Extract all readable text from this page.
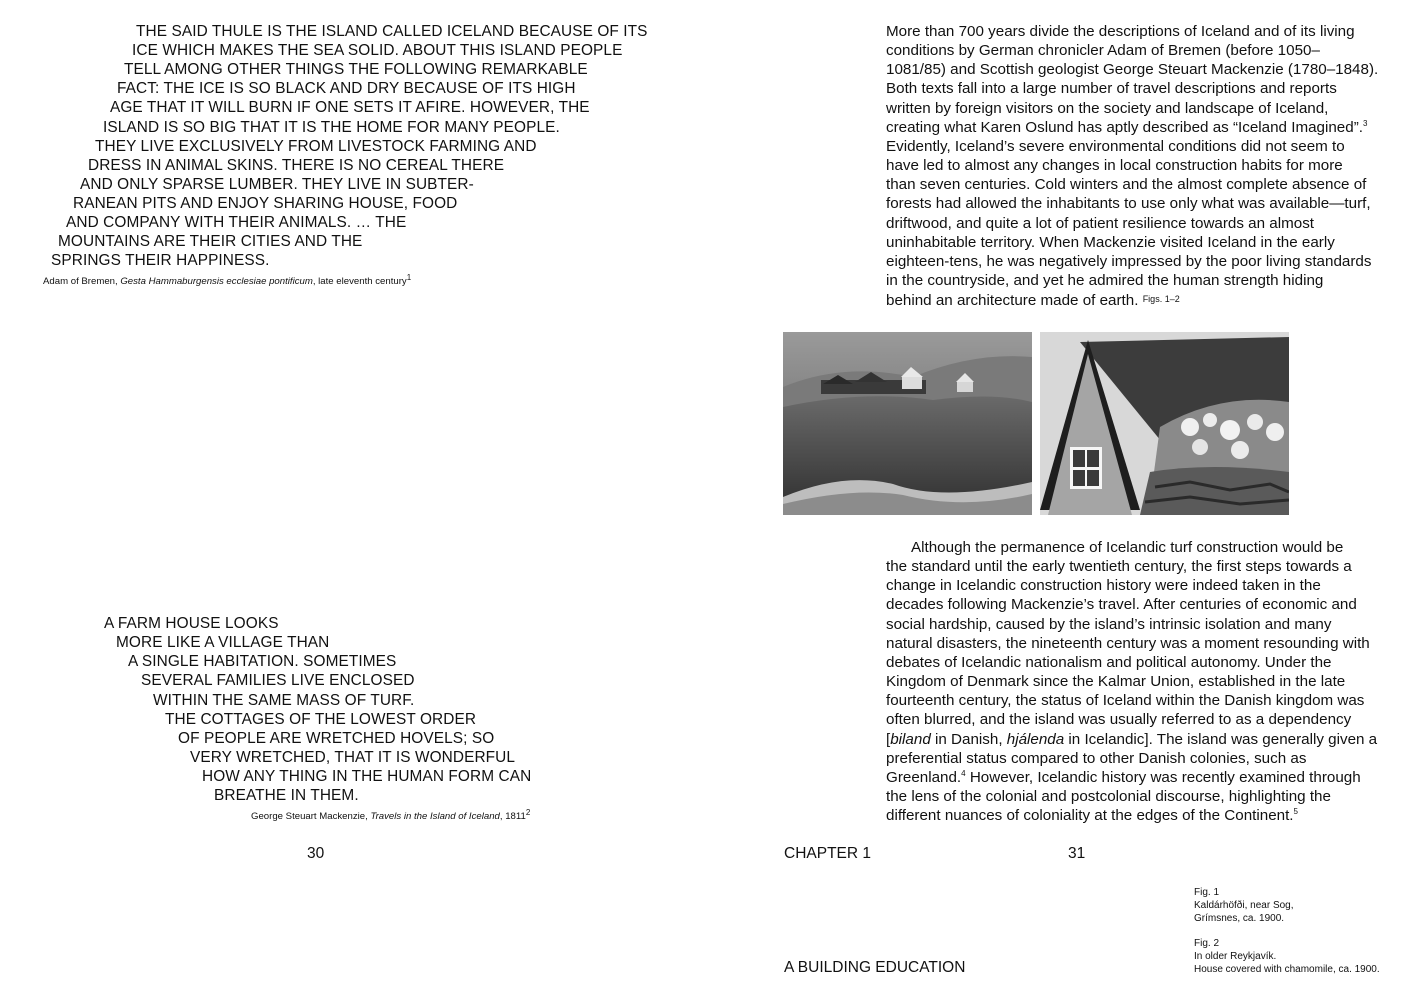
THE SAID THULE IS THE ISLAND CALLED ICELAND BECAUSE OF ITS
ICE WHICH MAKES THE SEA SOLID. ABOUT THIS ISLAND PEOPLE
TELL AMONG OTHER THINGS THE FOLLOWING REMARKABLE
FACT: THE ICE IS SO BLACK AND DRY BECAUSE OF ITS HIGH
AGE THAT IT WILL BURN IF ONE SETS IT AFIRE. HOWEVER, THE
ISLAND IS SO BIG THAT IT IS THE HOME FOR MANY PEOPLE.
THEY LIVE EXCLUSIVELY FROM LIVESTOCK FARMING AND
DRESS IN ANIMAL SKINS. THERE IS NO CEREAL THERE
AND ONLY SPARSE LUMBER. THEY LIVE IN SUBTER-
RANEAN PITS AND ENJOY SHARING HOUSE, FOOD
AND COMPANY WITH THEIR ANIMALS. … THE
MOUNTAINS ARE THEIR CITIES AND THE
SPRINGS THEIR HAPPINESS.
Adam of Bremen, Gesta Hammaburgensis ecclesiae pontificum, late eleventh century$^1$
A FARM HOUSE LOOKS
MORE LIKE A VILLAGE THAN
A SINGLE HABITATION. SOMETIMES
SEVERAL FAMILIES LIVE ENCLOSED
WITHIN THE SAME MASS OF TURF.
THE COTTAGES OF THE LOWEST ORDER
OF PEOPLE ARE WRETCHED HOVELS; SO
VERY WRETCHED, THAT IT IS WONDERFUL
HOW ANY THING IN THE HUMAN FORM CAN
BREATHE IN THEM.
George Steuart Mackenzie, Travels in the Island of Iceland, 1811$^2$
30
More than 700 years divide the descriptions of Iceland and of its living
conditions by German chronicler Adam of Bremen (before 1050–
1081/85) and Scottish geologist George Steuart Mackenzie (1780–1848).
Both texts fall into a large number of travel descriptions and reports
written by foreign visitors on the society and landscape of Iceland,
creating what Karen Oslund has aptly described as “Iceland Imagined”.$^3$
Evidently, Iceland’s severe environmental conditions did not seem to
have led to almost any changes in local construction habits for more
than seven centuries. Cold winters and the almost complete absence of
forests had allowed the inhabitants to use only what was available—turf,
driftwood, and quite a lot of patient resilience towards an almost
uninhabitable territory. When Mackenzie visited Iceland in the early
eighteen-tens, he was negatively impressed by the poor living standards
in the countryside, and yet he admired the human strength hiding
behind an architecture made of earth. Figs. 1–2
Although the permanence of Icelandic turf construction would be
the standard until the early twentieth century, the first steps towards a
change in Icelandic construction history were indeed taken in the
decades following Mackenzie’s travel. After centuries of economic and
social hardship, caused by the island’s intrinsic isolation and many
natural disasters, the nineteenth century was a moment resounding with
debates of Icelandic nationalism and political autonomy. Under the
Kingdom of Denmark since the Kalmar Union, established in the late
fourteenth century, the status of Iceland within the Danish kingdom was
often blurred, and the island was usually referred to as a dependency
[biland in Danish, hjálenda in Icelandic]. The island was generally given a
preferential status compared to other Danish colonies, such as
Greenland.$^4$ However, Icelandic history was recently examined through
the lens of the colonial and postcolonial discourse, highlighting the
different nuances of coloniality at the edges of the Continent.$^5$
CHAPTER 1	31
A BUILDING EDUCATION
Fig. 1
Kaldárhöfði, near Sog,
Grímsnes, ca. 1900.
Fig. 2
In older Reykjavík.
House covered with chamomile, ca. 1900.
